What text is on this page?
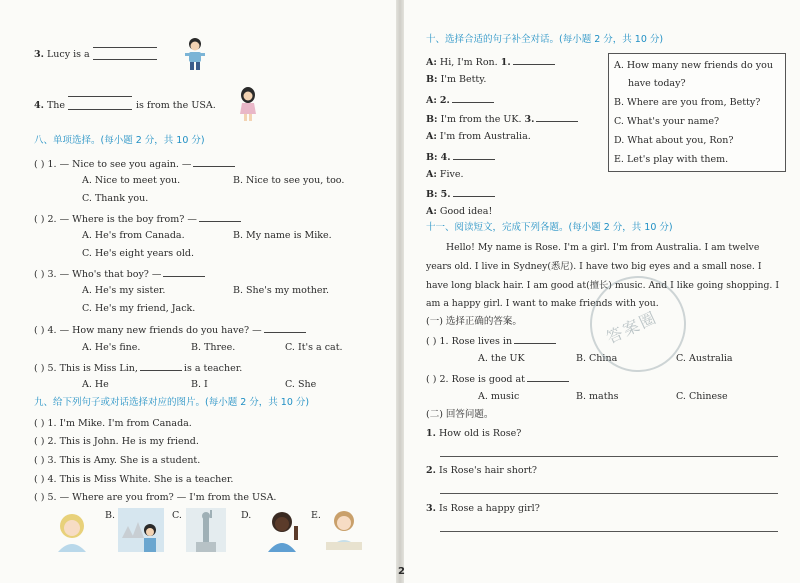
3. Lucy is a
4. The	is from the USA.
八、单项选择。(每小题 2 分，共 10 分)
( ) 1. — Nice to see you again. —
A. Nice to meet you.	B. Nice to see you, too.
C. Thank you.
( ) 2. — Where is the boy from? —
A. He's from Canada.	B. My name is Mike.
C. He's eight years old.
( ) 3. — Who's that boy? —
A. He's my sister.	B. She's my mother.
C. He's my friend, Jack.
( ) 4. — How many new friends do you have? —
A. He's fine.	B. Three.	C. It's a cat.
( ) 5. This is Miss Lin,	is a teacher.
A. He	B. I	C. She
九、给下列句子或对话选择对应的图片。(每小题 2 分，共 10 分)
( ) 1. I'm Mike. I'm from Canada.
( ) 2. This is John. He is my friend.
( ) 3. This is Amy. She is a student.
( ) 4. This is Miss White. She is a teacher.
( ) 5. — Where are you from? — I'm from the USA.
B.	C.	D.	E.
十、选择合适的句子补全对话。(每小题 2 分，共 10 分)
A: Hi, I'm Ron. 1.
B: I'm Betty.
A: 2.
B: I'm from the UK. 3.
A: I'm from Australia.
B: 4.
A: Five.
B: 5.
A: Good idea!
A. How many new friends do you
have today?
B. Where are you from, Betty?
C. What's your name?
D. What about you, Ron?
E. Let's play with them.
十一、阅读短文，完成下列各题。(每小题 2 分，共 10 分)
Hello! My name is Rose. I'm a girl. I'm from Australia. I am twelve
years old. I live in Sydney(悉尼). I have two big eyes and a small nose. I
have long black hair. I am good at(擅长) music. And I like going shopping. I
am a happy girl. I want to make friends with you.
(一) 选择正确的答案。
( ) 1. Rose lives in
A. the UK	B. China	C. Australia
( ) 2. Rose is good at
A. music	B. maths	C. Chinese
(二) 回答问题。
1. How old is Rose?
2. Is Rose's hair short?
3. Is Rose a happy girl?
答案圈
2
